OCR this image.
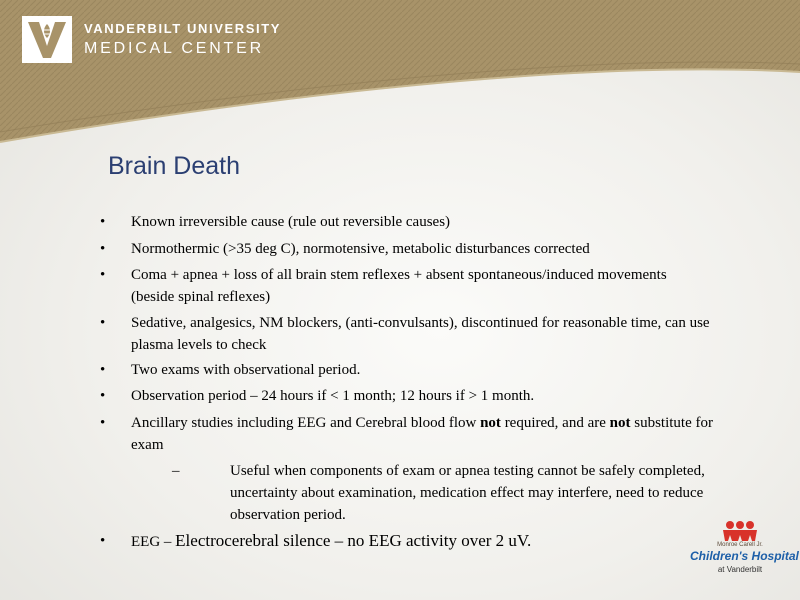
VANDERBILT UNIVERSITY
MEDICAL CENTER
Brain Death
• Known irreversible cause (rule out reversible causes)
• Normothermic (>35 deg C), normotensive, metabolic disturbances corrected
• Coma + apnea + loss of all brain stem reflexes + absent spontaneous/induced movements (beside spinal reflexes)
• Sedative, analgesics, NM blockers, (anti-convulsants), discontinued for reasonable time, can use plasma levels to check
• Two exams with observational period.
• Observation period – 24 hours if < 1 month; 12 hours if > 1 month.
• Ancillary studies including EEG and Cerebral blood flow not required, and are not substitute for exam
–	Useful when components of exam or apnea testing cannot be safely completed, uncertainty about examination, medication effect may interfere, need to reduce observation period.
• EEG – Electrocerebral silence – no EEG activity over 2 uV.	Monroe Carell Jr.
Children's Hospital
at Vanderbilt
